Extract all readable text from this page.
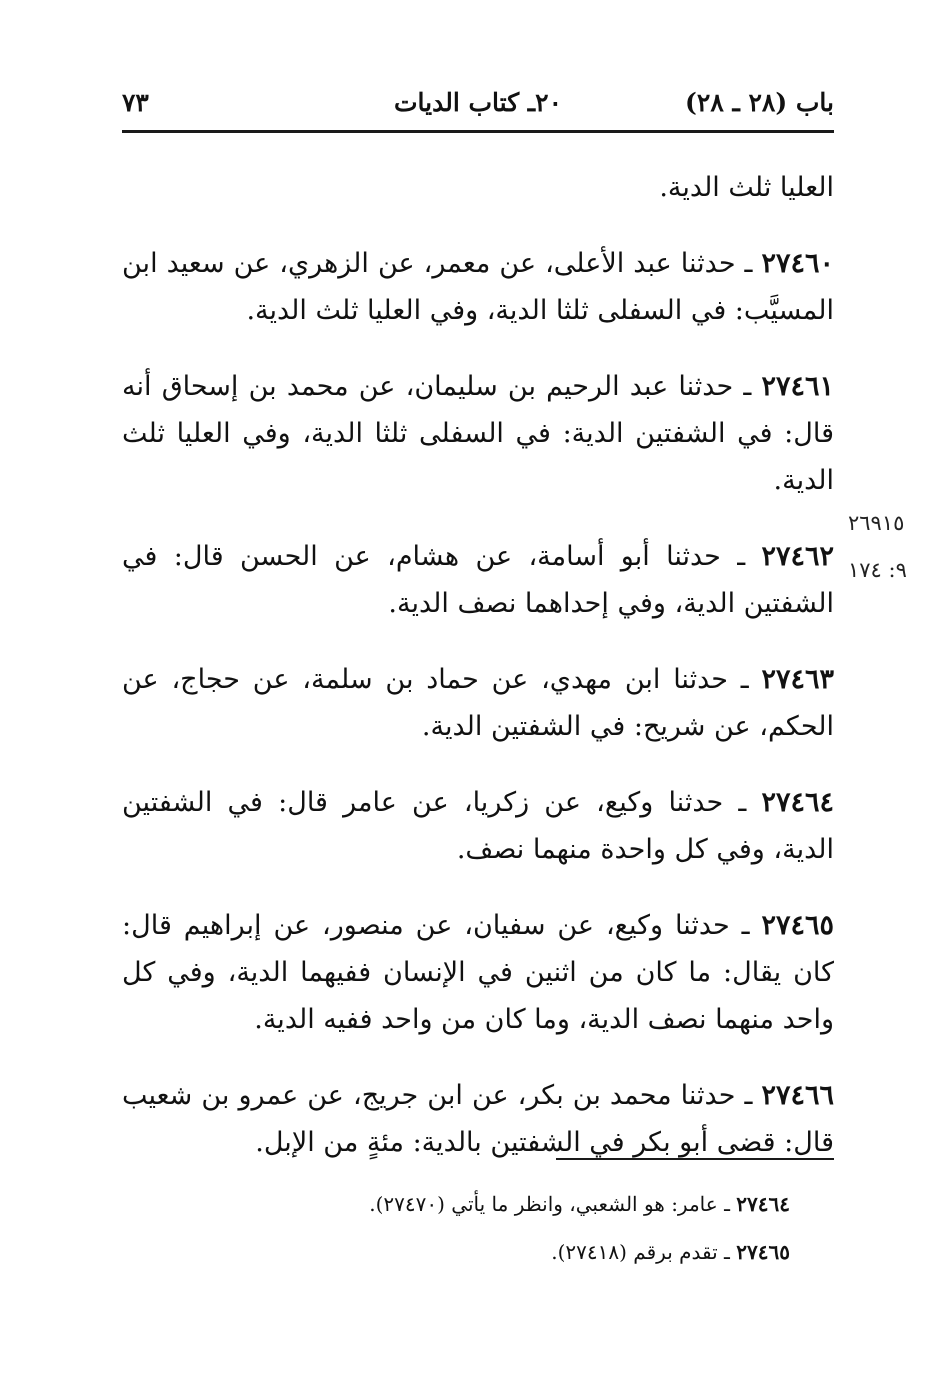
باب (٢٨ ـ ٢٨)
٢٠ـ كتاب الديات
٧٣

العليا ثلث الدية.

٢٧٤٦٠ ـ حدثنا عبد الأعلى، عن معمر، عن الزهري، عن سعيد ابن المسيَّب: في السفلى ثلثا الدية، وفي العليا ثلث الدية.

٢٧٤٦١ ـ حدثنا عبد الرحيم بن سليمان، عن محمد بن إسحاق أنه قال: في الشفتين الدية: في السفلى ثلثا الدية، وفي العليا ثلث الدية.

٢٧٤٦٢ ـ حدثنا أبو أسامة، عن هشام، عن الحسن قال: في الشفتين الدية، وفي إحداهما نصف الدية.

٢٧٤٦٣ ـ حدثنا ابن مهدي، عن حماد بن سلمة، عن حجاج، عن الحكم، عن شريح: في الشفتين الدية.

٢٧٤٦٤ ـ حدثنا وكيع، عن زكريا، عن عامر قال: في الشفتين الدية، وفي كل واحدة منهما نصف.

٢٧٤٦٥ ـ حدثنا وكيع، عن سفيان، عن منصور، عن إبراهيم قال: كان يقال: ما كان من اثنين في الإنسان ففيهما الدية، وفي كل واحد منهما نصف الدية، وما كان من واحد ففيه الدية.

٢٧٤٦٦ ـ حدثنا محمد بن بكر، عن ابن جريج، عن عمرو بن شعيب قال: قضى أبو بكر في الشفتين بالدية: مئةٍ من الإبل.

٢٦٩١٥
٩: ١٧٤

٢٧٤٦٤ ـ عامر: هو الشعبي، وانظر ما يأتي (٢٧٤٧٠).

٢٧٤٦٥ ـ تقدم برقم (٢٧٤١٨).
